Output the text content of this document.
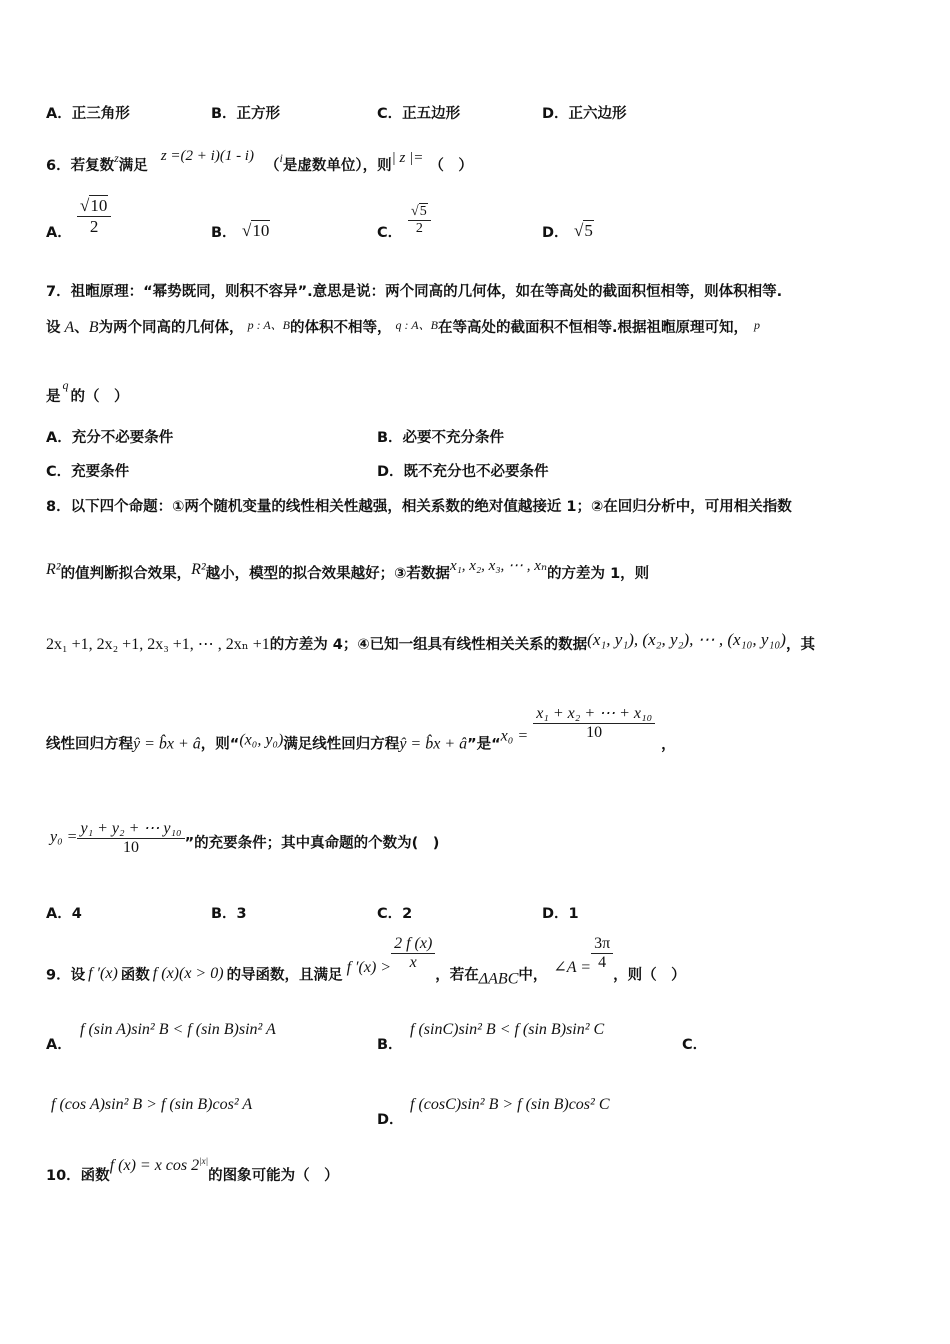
A．正三角形	B．正方形	C．正五边形	D．正六边形
6．若复数$^z$满足 z =(2 + i)(1 - i) （$^i$是虚数单位），则| z |= （　）
A． $\frac{√10}{2}$	B． √10	C． $\frac{√5}{2}$	D． √5
7．祖暅原理：“幂势既同，则积不容异”.意思是说：两个同高的几何体，如在等高处的截面积恒相等，则体积相等.
设 A、B为两个同高的几何体， $^{p : A、B}$的体积不相等， $^{q : A、B}$在等高处的截面积不恒相等.根据祖暅原理可知， $^p$
是$^q$的（　）
A．充分不必要条件	B．必要不充分条件
C．充要条件	D．既不充分也不必要条件
8．以下四个命题：①两个随机变量的线性相关性越强，相关系数的绝对值越接近 1；②在回归分析中，可用相关指数
R²的值判断拟合效果，R²越小，模型的拟合效果越好；③若数据x₁, x₂, x₃, ⋯ , xₙ的方差为 1，则
2x₁ +1, 2x₂ +1, 2x₃ +1, ⋯ , 2xₙ +1的方差为 4；④已知一组具有线性相关关系的数据(x₁, y₁), (x₂, y₂), ⋯ , (x₁₀, y₁₀)，其
线性回归方程ŷ = b̂x + â，则“(x₀, y₀)满足线性回归方程ŷ = b̂x + â”是“$x_0 = \frac{\text{x₁ + x₂ + ⋯ + x₁₀}}{10}$
，
$y_0 = \frac{\text{y₁ + y₂ + ⋯ y₁₀}}{10}$ ”的充要条件；其中真命题的个数为(　)
A．4	B．3	C．2	D．1
9．设 f ′(x) 函数 f (x)(x > 0) 的导函数，且满足 f $'(x) > \frac{2 f (x)}{x}$
，若在ΔABC中， ∠A = $\frac{3\pi}{4}$
，则（　）
A．
f (sin A)sin² B < f (sin B)sin² A
B．
f (sinC)sin² B < f (sin B)sin² C
C．
f (cos A)sin² B > f (sin B)cos² A
D．
f (cosC)sin² B > f (sin B)cos² C
10．函数f (x) = x $\cos 2^{|x|}$的图象可能为（　）
